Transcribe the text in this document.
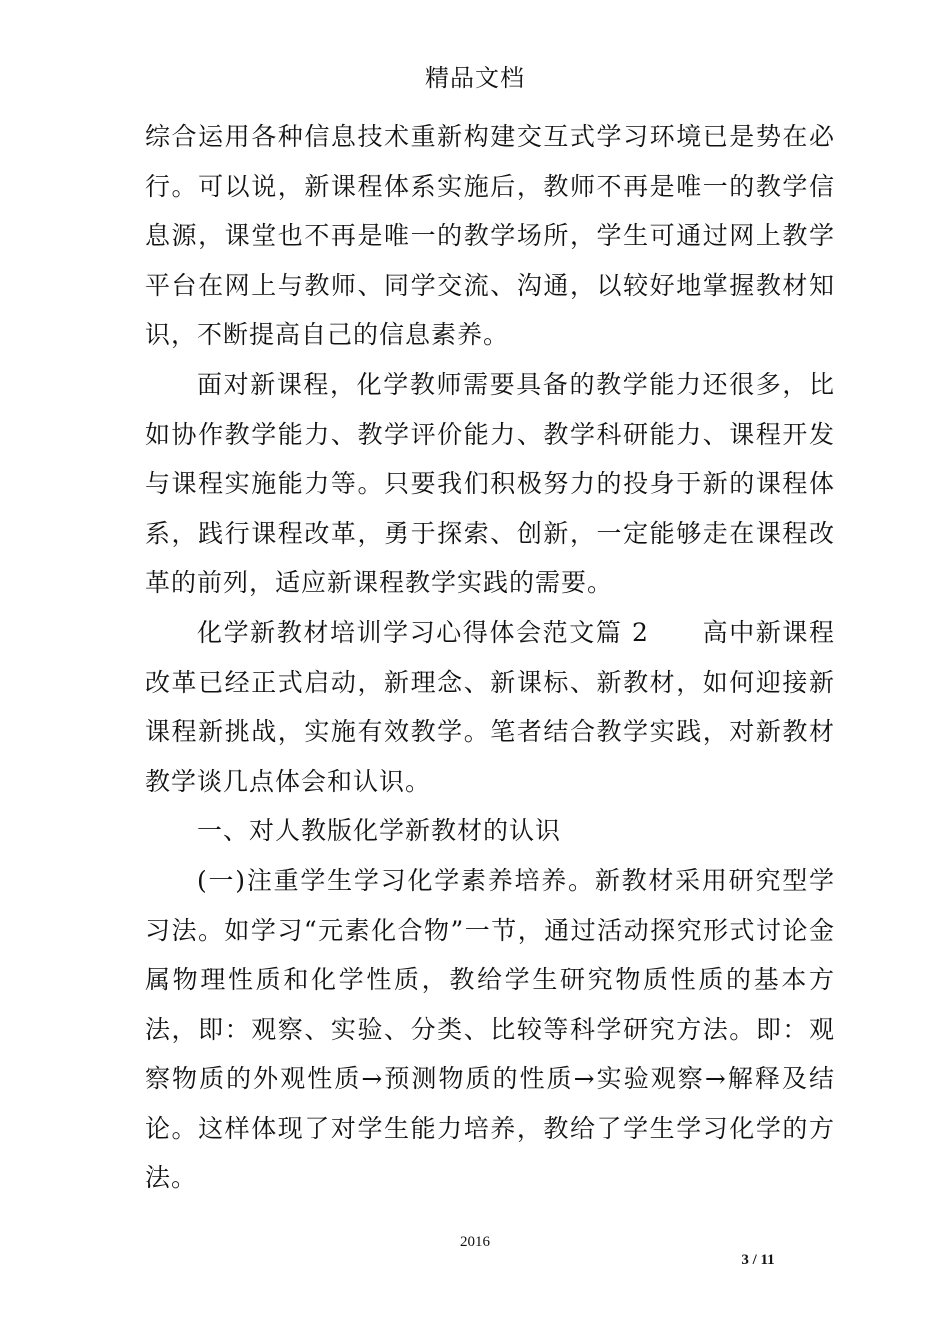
精品文档

综合运用各种信息技术重新构建交互式学习环境已是势在必行。可以说，新课程体系实施后，教师不再是唯一的教学信息源，课堂也不再是唯一的教学场所，学生可通过网上教学平台在网上与教师、同学交流、沟通，以较好地掌握教材知识，不断提高自己的信息素养。

面对新课程，化学教师需要具备的教学能力还很多，比如协作教学能力、教学评价能力、教学科研能力、课程开发与课程实施能力等。只要我们积极努力的投身于新的课程体系，践行课程改革，勇于探索、创新，一定能够走在课程改革的前列，适应新课程教学实践的需要。

化学新教材培训学习心得体会范文篇 2　　高中新课程改革已经正式启动，新理念、新课标、新教材，如何迎接新课程新挑战，实施有效教学。笔者结合教学实践，对新教材教学谈几点体会和认识。

一、对人教版化学新教材的认识

(一)注重学生学习化学素养培养。新教材采用研究型学习法。如学习“元素化合物”一节，通过活动探究形式讨论金属物理性质和化学性质，教给学生研究物质性质的基本方法，即：观察、实验、分类、比较等科学研究方法。即：观察物质的外观性质→预测物质的性质→实验观察→解释及结论。这样体现了对学生能力培养，教给了学生学习化学的方法。

2016
3 / 11
